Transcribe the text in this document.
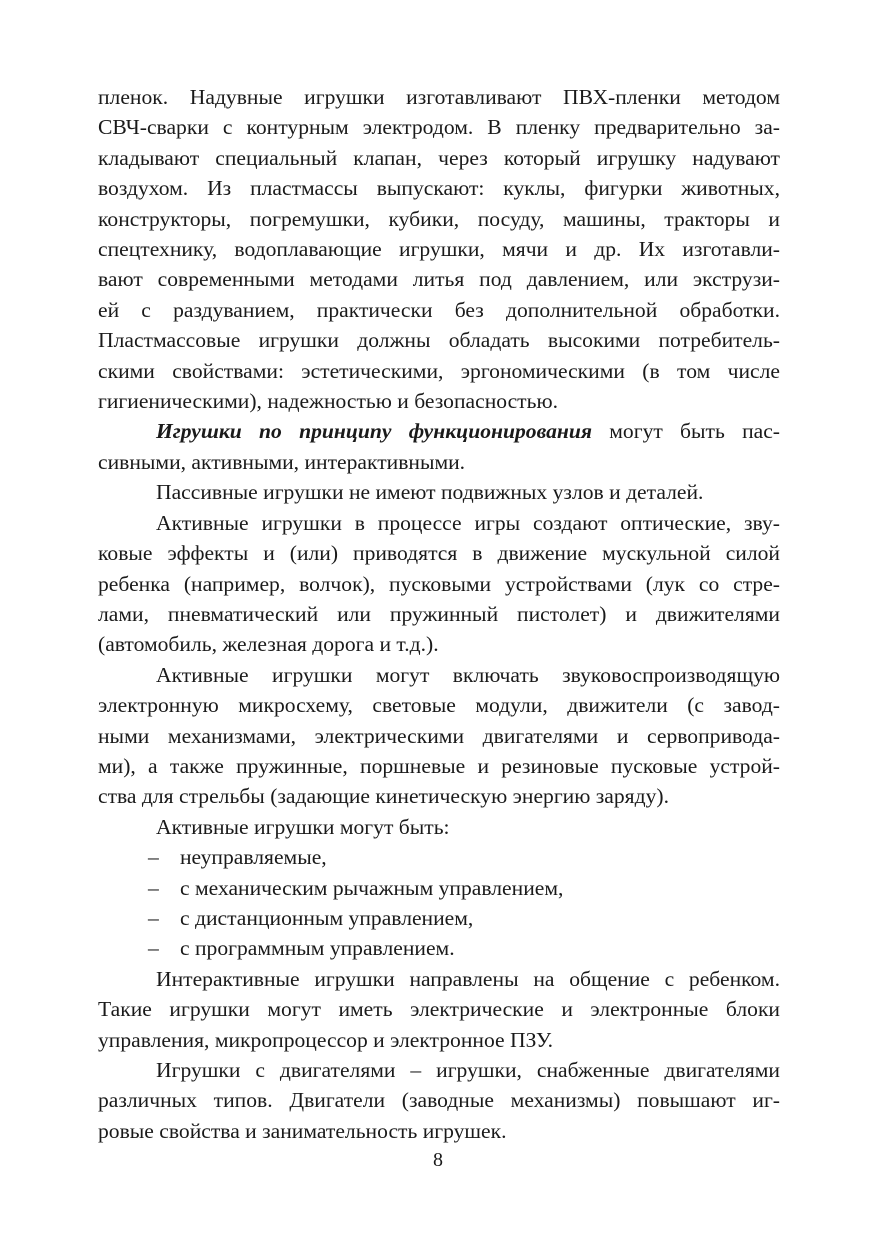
пленок. Надувные игрушки изготавливают ПВХ-пленки методом
СВЧ-сварки с контурным электродом. В пленку предварительно за-
кладывают специальный клапан, через который игрушку надувают
воздухом. Из пластмассы выпускают: куклы, фигурки животных,
конструкторы, погремушки, кубики, посуду, машины, тракторы и
спецтехнику, водоплавающие игрушки, мячи и др. Их изготавли-
вают современными методами литья под давлением, или экструзи-
ей с раздуванием, практически без дополнительной обработки.
Пластмассовые игрушки должны обладать высокими потребитель-
скими свойствами: эстетическими, эргономическими (в том числе
гигиеническими), надежностью и безопасностью.

Игрушки по принципу функционирования могут быть пас-
сивными, активными, интерактивными.

Пассивные игрушки не имеют подвижных узлов и деталей.

Активные игрушки в процессе игры создают оптические, зву-
ковые эффекты и (или) приводятся в движение мускульной силой
ребенка (например, волчок), пусковыми устройствами (лук со стре-
лами, пневматический или пружинный пистолет) и движителями
(автомобиль, железная дорога и т.д.).

Активные игрушки могут включать звуковоспроизводящую
электронную микросхему, световые модули, движители (с завод-
ными механизмами, электрическими двигателями и сервопривода-
ми), а также пружинные, поршневые и резиновые пусковые устрой-
ства для стрельбы (задающие кинетическую энергию заряду).

Активные игрушки могут быть:

– неуправляемые,
– с механическим рычажным управлением,
– с дистанционным управлением,
– с программным управлением.

Интерактивные игрушки направлены на общение с ребенком.
Такие игрушки могут иметь электрические и электронные блоки
управления, микропроцессор и электронное ПЗУ.

Игрушки с двигателями – игрушки, снабженные двигателями
различных типов. Двигатели (заводные механизмы) повышают иг-
ровые свойства и занимательность игрушек.

8
